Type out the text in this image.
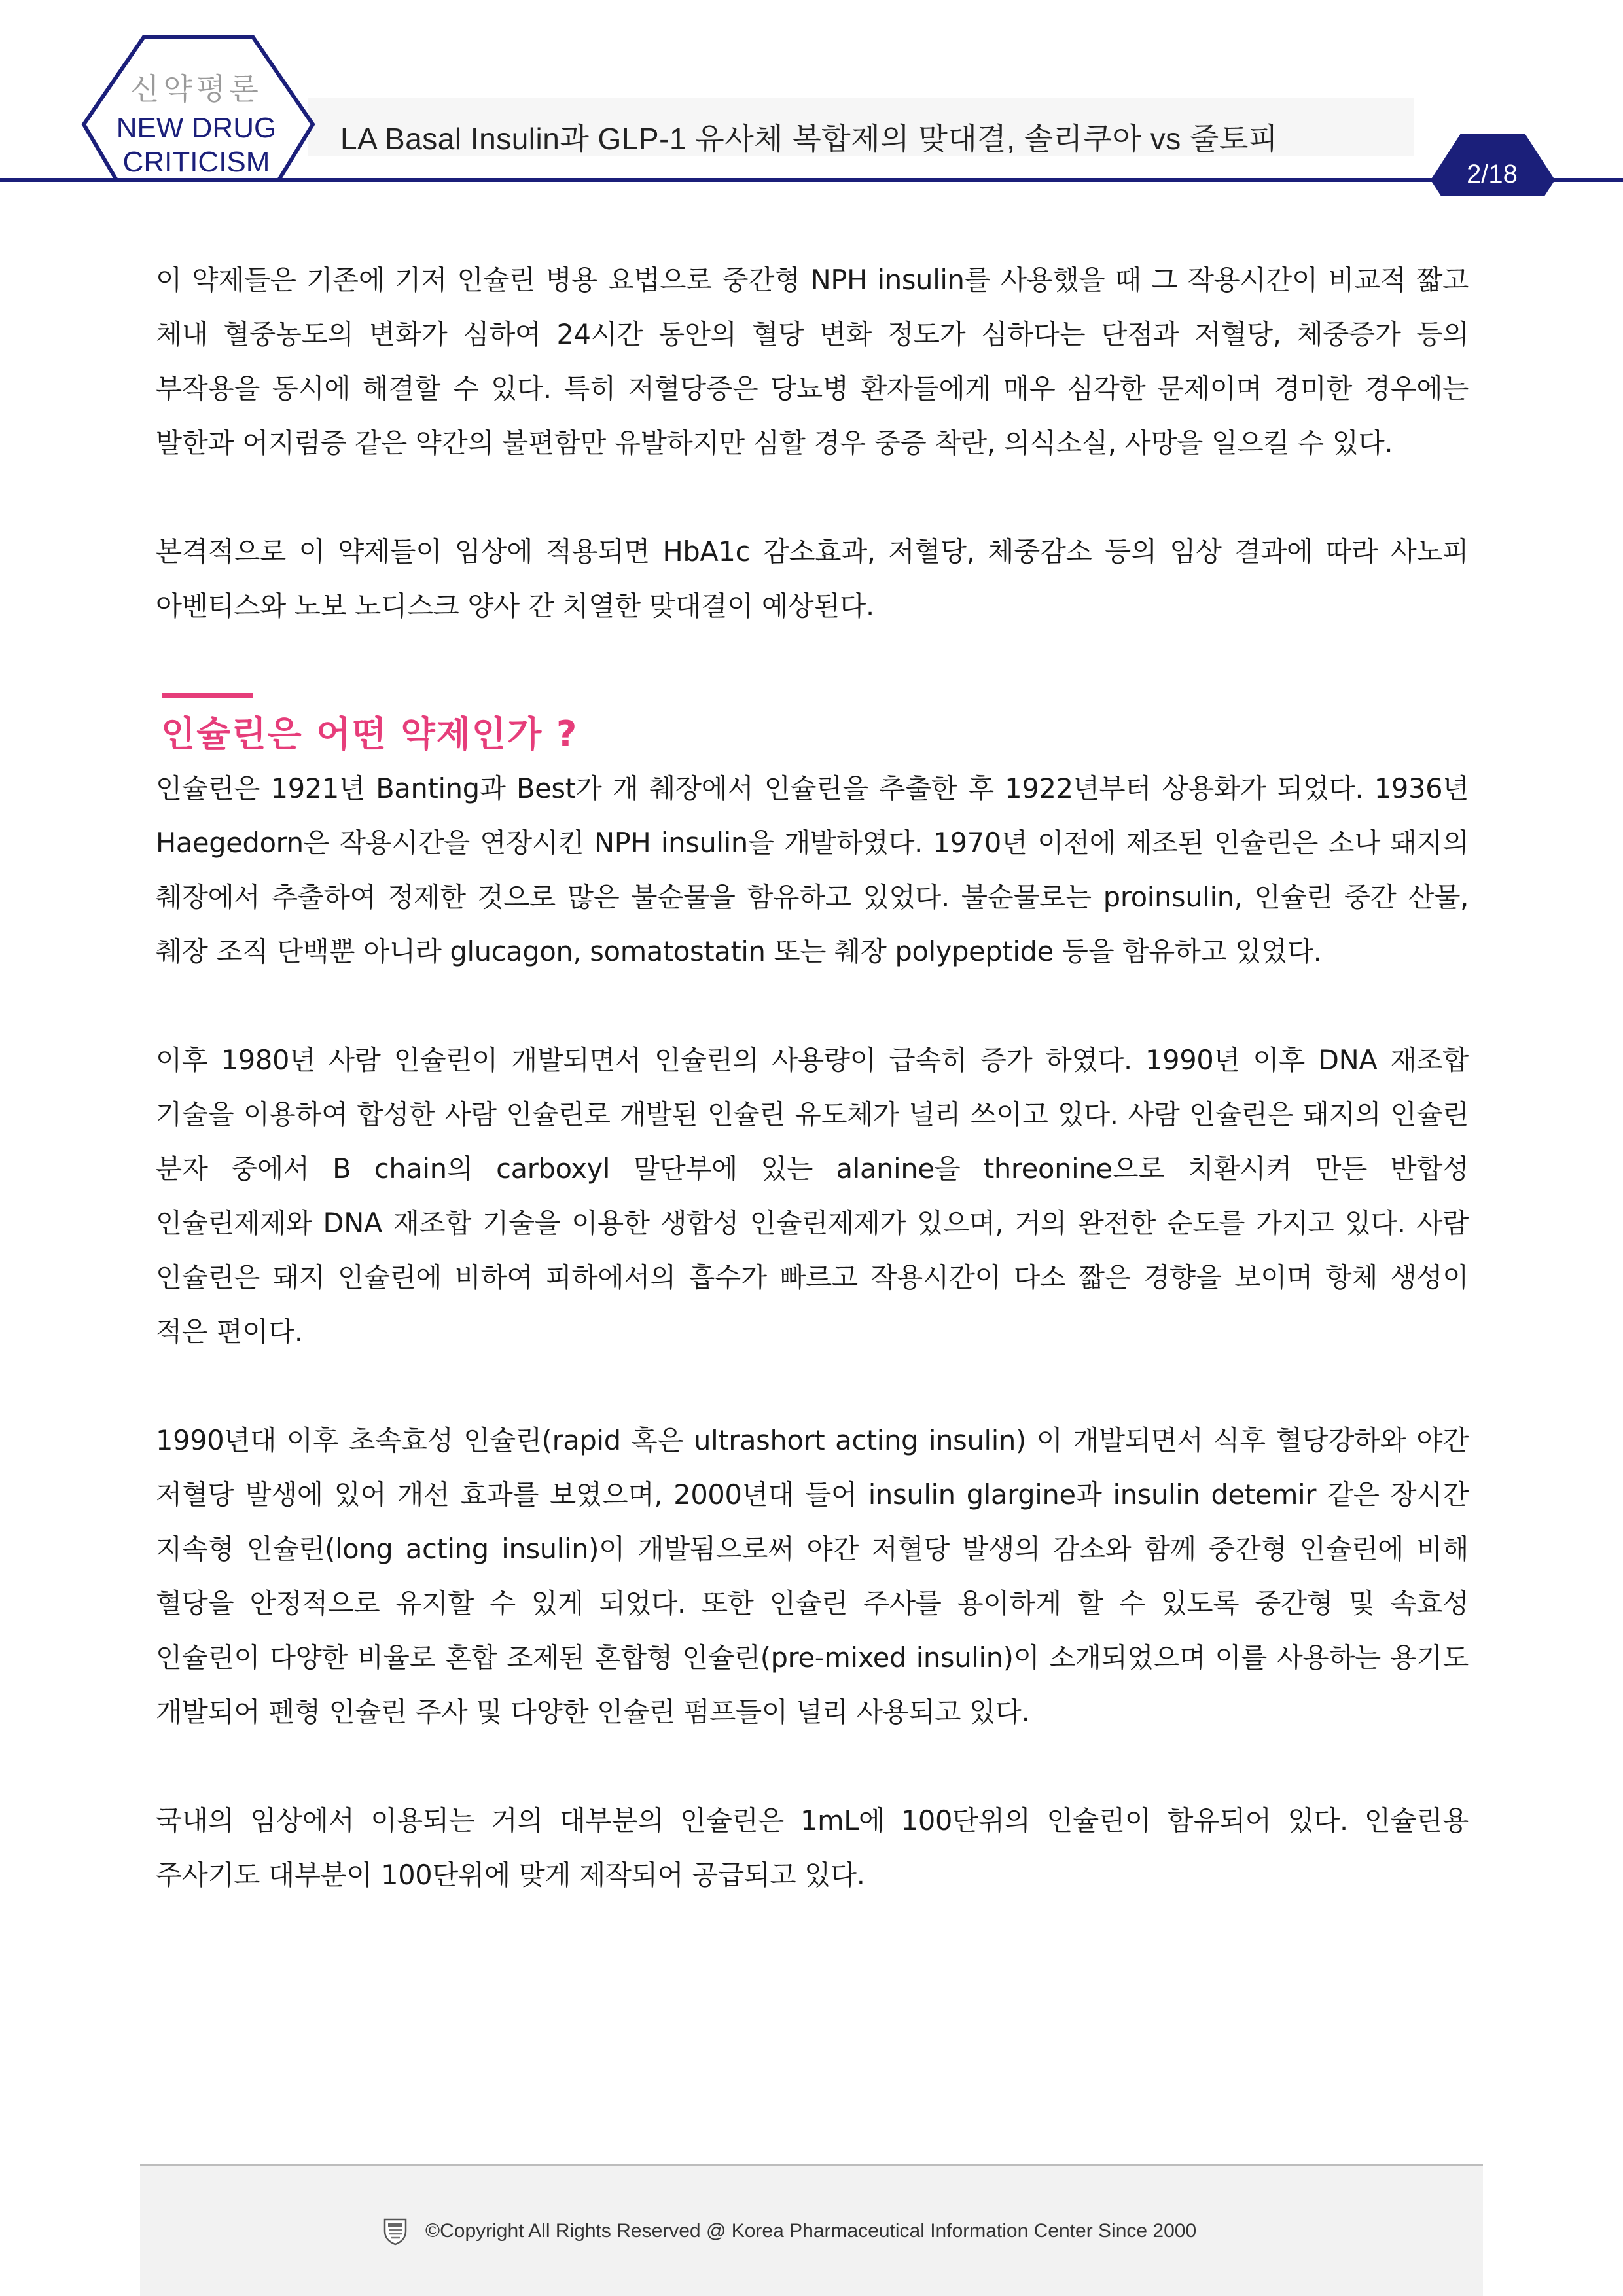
신약평론
NEW DRUG
CRITICISM
LA Basal Insulin과 GLP-1 유사체 복합제의 맞대결, 솔리쿠아 vs 줄토피
2/18

이 약제들은 기존에 기저 인슐린 병용 요법으로 중간형 NPH insulin를 사용했을 때 그 작용시간이 비교적 짧고 체내 혈중농도의 변화가 심하여 24시간 동안의 혈당 변화 정도가 심하다는 단점과 저혈당, 체중증가 등의 부작용을 동시에 해결할 수 있다. 특히 저혈당증은 당뇨병 환자들에게 매우 심각한 문제이며 경미한 경우에는 발한과 어지럼증 같은 약간의 불편함만 유발하지만 심할 경우 중증 착란, 의식소실, 사망을 일으킬 수 있다.

본격적으로 이 약제들이 임상에 적용되면 HbA1c 감소효과, 저혈당, 체중감소 등의 임상 결과에 따라 사노피 아벤티스와 노보 노디스크 양사 간 치열한 맞대결이 예상된다.

인슐린은 어떤 약제인가 ?

인슐린은 1921년 Banting과 Best가 개 췌장에서 인슐린을 추출한 후 1922년부터 상용화가 되었다. 1936년 Haegedorn은 작용시간을 연장시킨 NPH insulin을 개발하였다. 1970년 이전에 제조된 인슐린은 소나 돼지의 췌장에서 추출하여 정제한 것으로 많은 불순물을 함유하고 있었다. 불순물로는 proinsulin, 인슐린 중간 산물, 췌장 조직 단백뿐 아니라 glucagon, somatostatin 또는 췌장 polypeptide 등을 함유하고 있었다.

이후 1980년 사람 인슐린이 개발되면서 인슐린의 사용량이 급속히 증가 하였다. 1990년 이후 DNA 재조합 기술을 이용하여 합성한 사람 인슐린로 개발된 인슐린 유도체가 널리 쓰이고 있다. 사람 인슐린은 돼지의 인슐린 분자 중에서 B chain의 carboxyl 말단부에 있는 alanine을 threonine으로 치환시켜 만든 반합성 인슐린제제와 DNA 재조합 기술을 이용한 생합성 인슐린제제가 있으며, 거의 완전한 순도를 가지고 있다. 사람 인슐린은 돼지 인슐린에 비하여 피하에서의 흡수가 빠르고 작용시간이 다소 짧은 경향을 보이며 항체 생성이 적은 편이다.

1990년대 이후 초속효성 인슐린(rapid 혹은 ultrashort acting insulin) 이 개발되면서 식후 혈당강하와 야간 저혈당 발생에 있어 개선 효과를 보였으며, 2000년대 들어 insulin glargine과 insulin detemir 같은 장시간 지속형 인슐린(long acting insulin)이 개발됨으로써 야간 저혈당 발생의 감소와 함께 중간형 인슐린에 비해 혈당을 안정적으로 유지할 수 있게 되었다. 또한 인슐린 주사를 용이하게 할 수 있도록 중간형 및 속효성 인슐린이 다양한 비율로 혼합 조제된 혼합형 인슐린(pre-mixed insulin)이 소개되었으며 이를 사용하는 용기도 개발되어 펜형 인슐린 주사 및 다양한 인슐린 펌프들이 널리 사용되고 있다.

국내의 임상에서 이용되는 거의 대부분의 인슐린은 1mL에 100단위의 인슐린이 함유되어 있다. 인슐린용 주사기도 대부분이 100단위에 맞게 제작되어 공급되고 있다.

©Copyright All Rights Reserved @ Korea Pharmaceutical Information Center Since 2000
